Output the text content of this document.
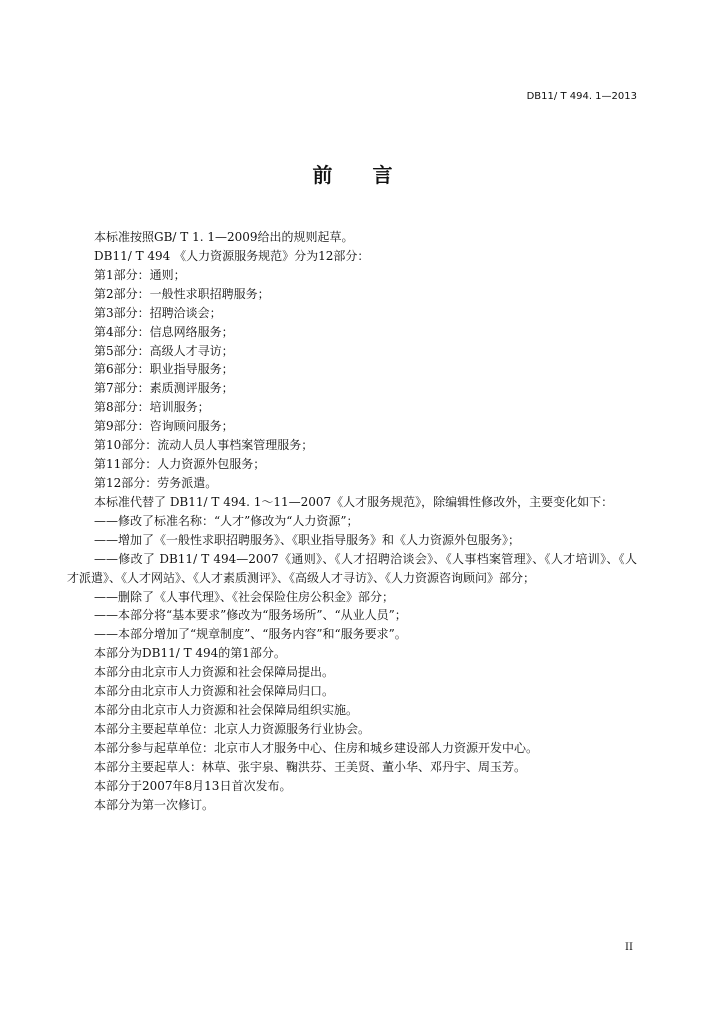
DB11/ T 494. 1—2013
前　　言
本标准按照GB/ T 1. 1—2009给出的规则起草。
DB11/ T 494 《人力资源服务规范》分为12部分：
第1部分：通则；
第2部分：一般性求职招聘服务；
第3部分：招聘洽谈会；
第4部分：信息网络服务；
第5部分：高级人才寻访；
第6部分：职业指导服务；
第7部分：素质测评服务；
第8部分：培训服务；
第9部分：咨询顾问服务；
第10部分：流动人员人事档案管理服务；
第11部分：人力资源外包服务；
第12部分：劳务派遣。
本标准代替了 DB11/ T 494. 1～11—2007《人才服务规范》，除编辑性修改外，主要变化如下：
——修改了标准名称：“人才”修改为“人力资源”；
——增加了《一般性求职招聘服务》、《职业指导服务》和《人力资源外包服务》；
——修改了 DB11/ T 494—2007《通则》、《人才招聘洽谈会》、《人事档案管理》、《人才培训》、《人
才派遣》、《人才网站》、《人才素质测评》、《高级人才寻访》、《人力资源咨询顾问》部分；
——删除了《人事代理》、《社会保险住房公积金》部分；
——本部分将“基本要求”修改为“服务场所”、“从业人员”；
——本部分增加了“规章制度”、“服务内容”和“服务要求”。
本部分为DB11/ T 494的第1部分。
本部分由北京市人力资源和社会保障局提出。
本部分由北京市人力资源和社会保障局归口。
本部分由北京市人力资源和社会保障局组织实施。
本部分主要起草单位：北京人力资源服务行业协会。
本部分参与起草单位：北京市人才服务中心、住房和城乡建设部人力资源开发中心。
本部分主要起草人：林草、张宇泉、鞠洪芬、王美贤、董小华、邓丹宇、周玉芳。
本部分于2007年8月13日首次发布。
本部分为第一次修订。
II
